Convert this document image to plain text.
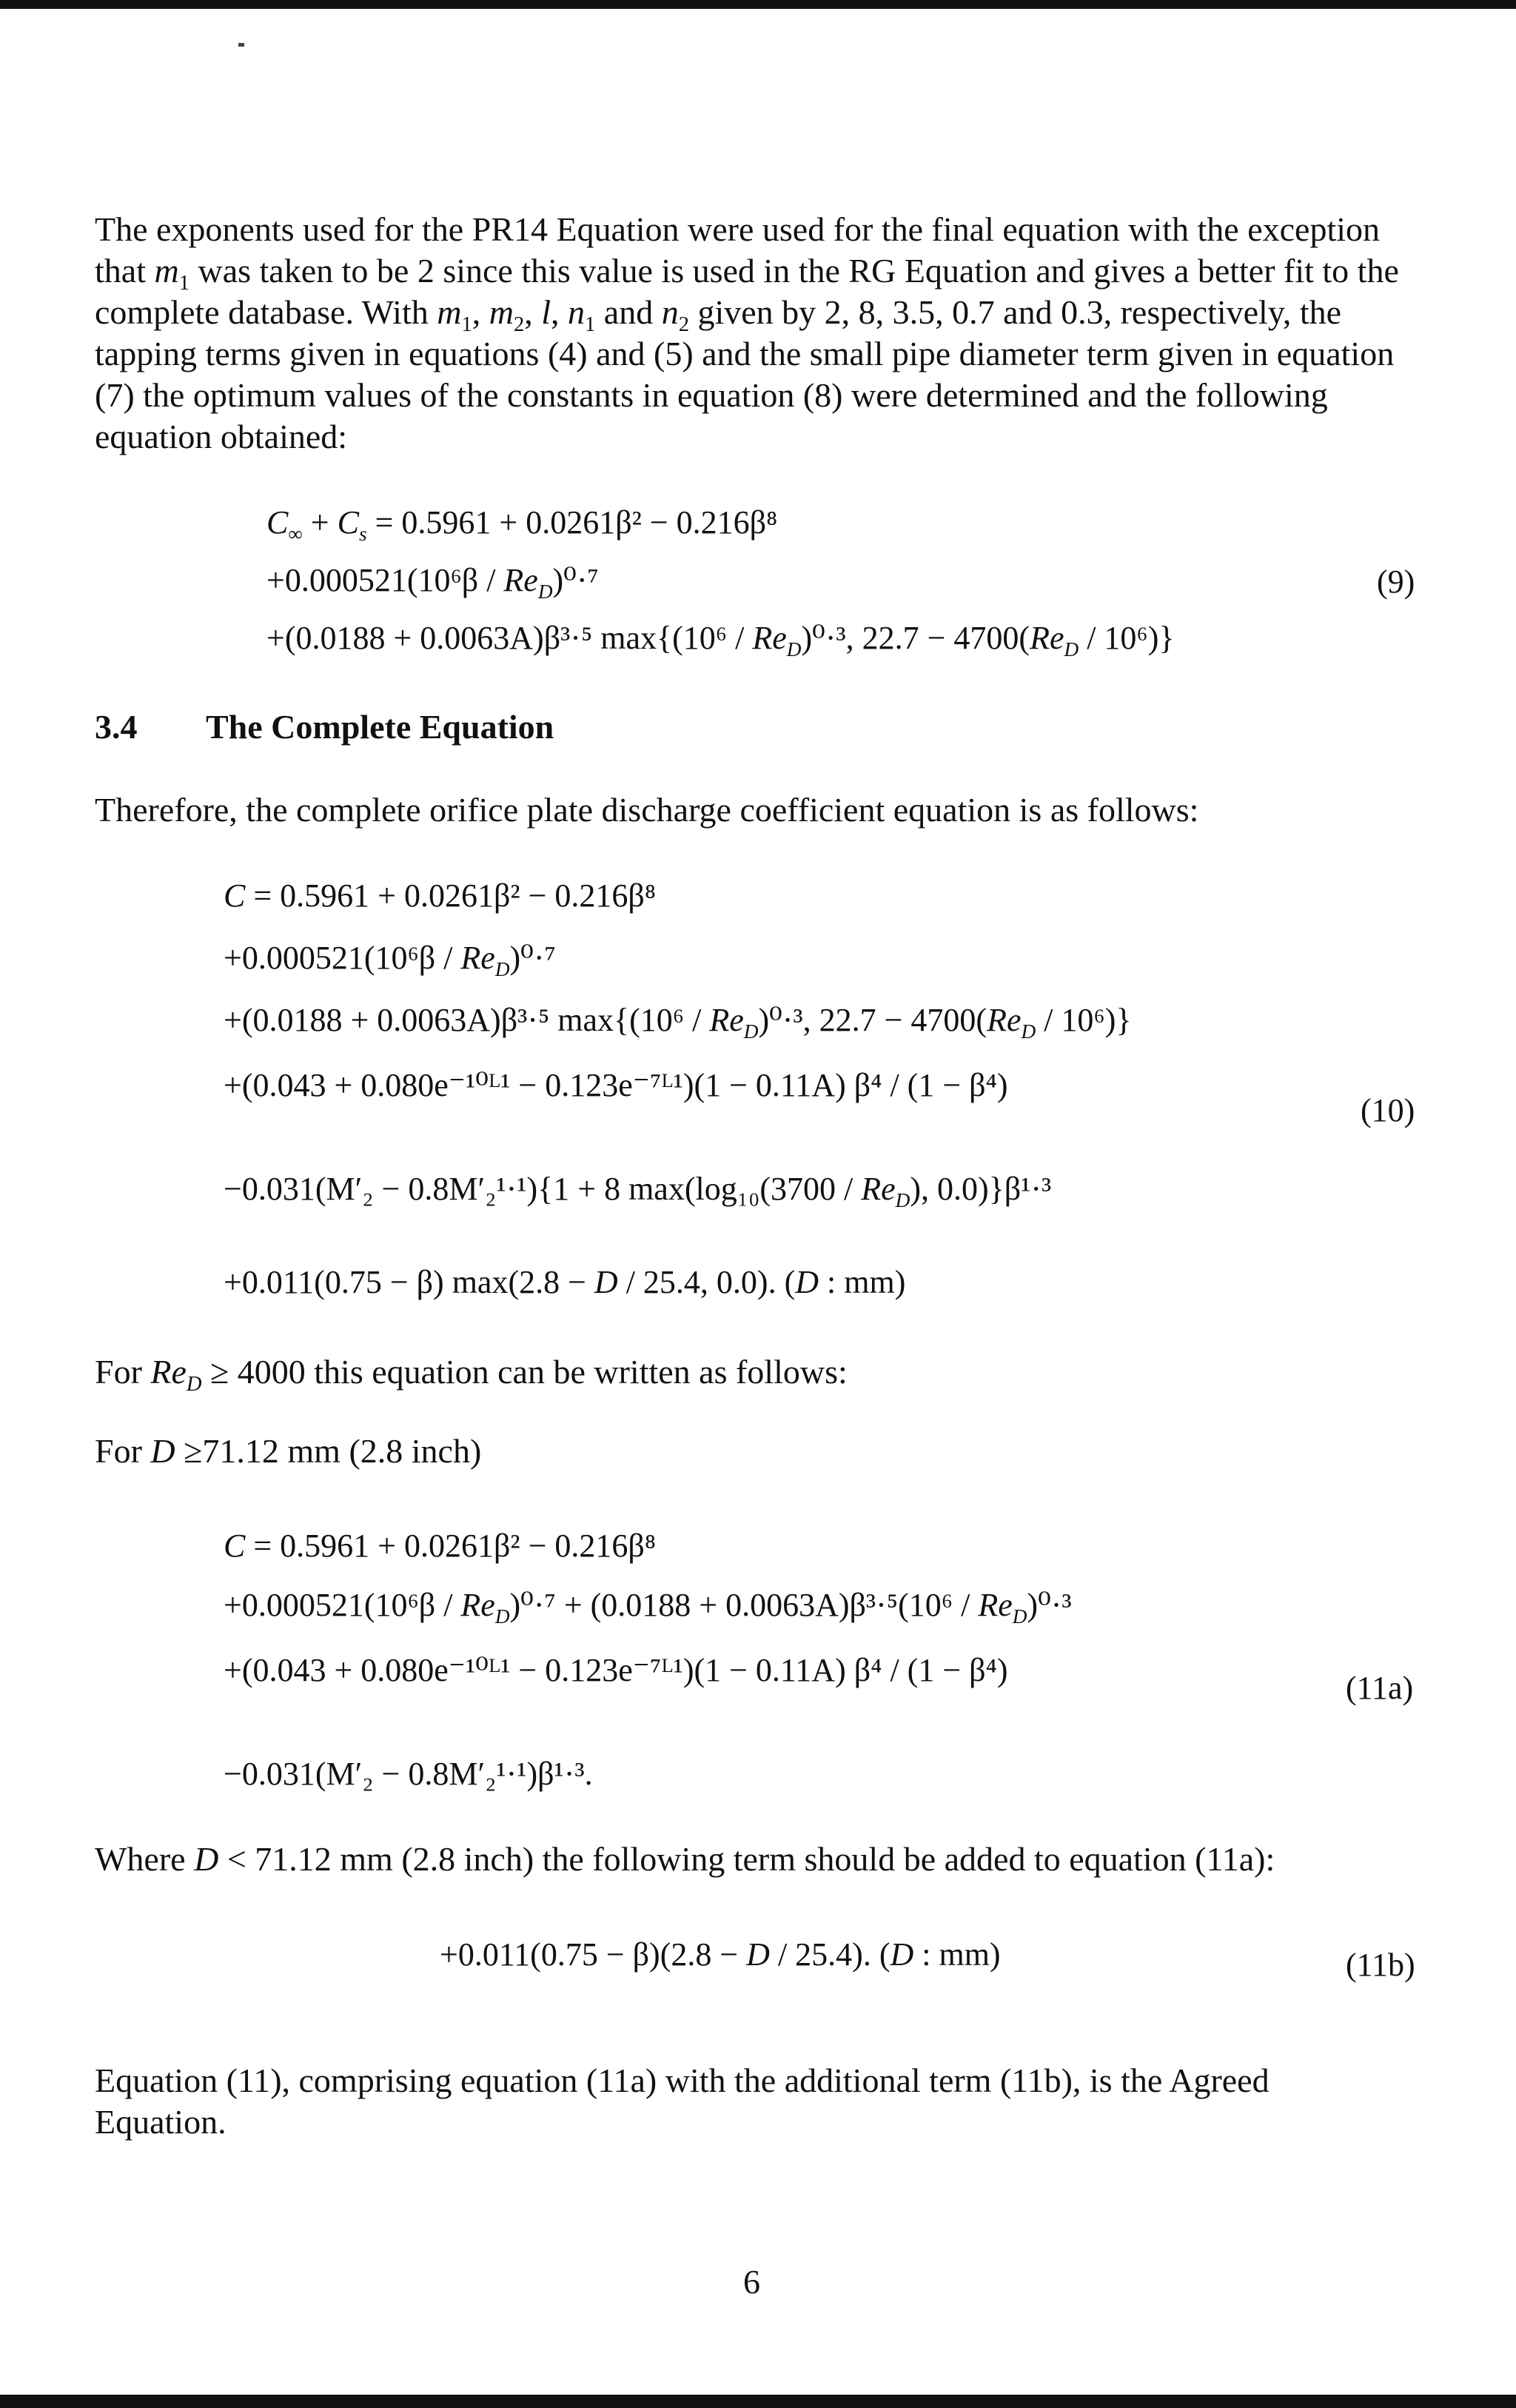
The exponents used for the PR14 Equation were used for the final equation with the exception that $m_1$ was taken to be 2 since this value is used in the RG Equation and gives a better fit to the complete database. With $m_1$, $m_2$, l, $n_1$ and $n_2$ given by 2, 8, 3.5, 0.7 and 0.3, respectively, the tapping terms given in equations (4) and (5) and the small pipe diameter term given in equation (7) the optimum values of the constants in equation (8) were determined and the following equation obtained:
$C_\infty + C_s = 0.5961 + 0.0261\beta^2 - 0.216\beta^8$
$+0.000521(10^6\beta / Re_D)^0\cdot^7$
+(0.0188 + 0.0063A)β³·⁵ $\max\{(10^6 / Re_D)^0\cdot^3$, $22.7 - 4700(Re_D / 10^6)$}
(9)
3.4 The Complete Equation
Therefore, the complete orifice plate discharge coefficient equation is as follows:
C = 0.5961 + 0.0261β² − 0.216β⁸
$+0.000521(10^6\beta / Re_D)^0\cdot^7$
+(0.0188 + 0.0063A)β³·⁵ $\max\{(10^6 / Re_D)^0\cdot^3$, $22.7 - 4700(Re_D / 10^6)$}
+(0.043 + 0.080e⁻¹⁰ᴸ¹ − 0.123e⁻⁷ᴸ¹)(1 − 0.11A) β⁴ / (1 − β⁴)
−0.031(M′₂ − 0.8M′₂¹·¹){1 + 8 $\max(\log_{10}(3700 / Re_D)$, 0.0)}β¹·³
+0.011(0.75 − β) max(2.8 − D / 25.4, 0.0). (D : mm)
(10)
For $Re_D \ge 4000$ this equation can be written as follows:
For D ≥71.12 mm (2.8 inch)
C = 0.5961 + 0.0261β² − 0.216β⁸
$+0.000521(10^6\beta / Re_D)^0\cdot^7 + (0.0188 + 0.0063A)\beta^3\cdot^5(10^6 / Re_D)^0\cdot^3$
+(0.043 + 0.080e⁻¹⁰ᴸ¹ − 0.123e⁻⁷ᴸ¹)(1 − 0.11A) β⁴ / (1 − β⁴)
−0.031(M′₂ − 0.8M′₂¹·¹)β¹·³.
(11a)
Where D < 71.12 mm (2.8 inch) the following term should be added to equation (11a):
+0.011(0.75 − β)(2.8 − D / 25.4). (D : mm)	(11b)
Equation (11), comprising equation (11a) with the additional term (11b), is the Agreed Equation.
6
